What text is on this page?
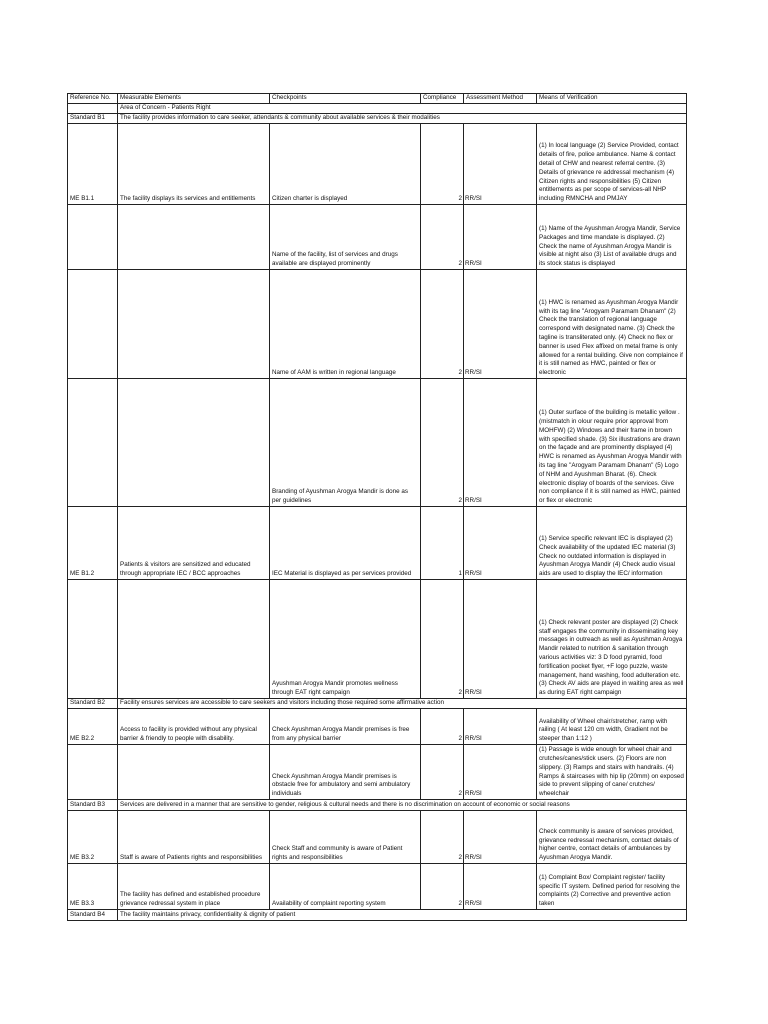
Reference No.	Measurable Elements	Checkpoints	Compliance	Assessment Method	Means of Verification
	Area of Concern - Patients Right				
Standard B1	The facility provides information to care seeker, attendants & community about available services & their modalities				
ME B1.1	The facility displays its services and entitlements	Citizen charter is displayed	2	RR/SI	(1) In local language (2) Service Provided, contact details of fire, police ambulance. Name & contact detail of CHW and nearest referral centre. (3) Details of grievance re addressal mechanism (4) Citizen rights and responsibilities (5) Citizen entitlements as per scope of services-all NHP including RMNCHA and PMJAY
		Name of the facility, list of services and drugs available are displayed prominently	2	RR/SI	(1) Name of the Ayushman Arogya Mandir, Service Packages and time mandate is displayed. (2) Check the name of Ayushman Arogya Mandir is visible at night also (3) List of available drugs and its stock status is displayed
		Name of AAM is written in regional language	2	RR/SI	(1) HWC is renamed as Ayushman Arogya Mandir with its tag line "Arogyam Paramam Dhanam" (2) Check the translation of regional language correspond with designated name. (3) Check the tagline is transliterated only. (4) Check no flex or banner is used Flex affixed on metal frame is only allowed for a rental building. Give non complaince if it is still named as HWC, painted or flex or electronic
		Branding of Ayushman Arogya Mandir is done as per guidelines	2	RR/SI	(1) Outer surface of the building is metallic yellow . (mistmatch in olour require prior approval from MOHFW) (2) Windows and their frame in brown with specified shade. (3) Six illustrations are drawn on the façade and are prominently displayed (4) HWC is renamed as Ayushman Arogya Mandir with its tag line "Arogyam Paramam Dhanam" (5) Logo of NHM and Ayushman Bharat. (6). Check electronic display of boards of the services. Give non compliance if it is still named as HWC, painted or flex or electronic
ME B1.2	Patients & visitors are sensitized and educated through appropriate IEC / BCC approaches	IEC Material is displayed as per services provided	1	RR/SI	(1) Service specific relevant IEC is displayed (2) Check availability of the updated IEC material (3) Check no outdated information is displayed in Ayushman Arogya Mandir (4) Check audio visual aids are used to display the IEC/ information
		Ayushman Arogya Mandir promotes wellness through EAT right campaign	2	RR/SI	(1) Check relevant poster are displayed (2) Check staff engages the community in disseminating key messages in outreach as well as Ayushman Arogya Mandir related to nutrition & sanitation through various activities viz: 3 D food pyramid, food fortification pocket flyer, +F logo puzzle, waste management, hand washing, food adulteration etc. (3) Check AV aids are played in waiting area as well as during EAT right campaign
Standard B2	Facility ensures services are accessible to care seekers and visitors including those required some affirmative action				
ME B2.2	Access to facility is provided without any physical barrier & friendly to people with disability.	Check Ayushman Arogya Mandir premises is free from any physical barrier	2	RR/SI	Availability of Wheel chair/stretcher, ramp with railing ( At least 120 cm width, Gradient not be steeper than 1:12 )
		Check Ayushman Arogya Mandir premises is obstacle free for ambulatory and semi ambulatory individuals	2	RR/SI	(1) Passage is wide enough for wheel chair and crutches/canes/stick users. (2) Floors are non slippery. (3) Ramps and stairs with handrails. (4) Ramps & staircases with hip lip (20mm) on exposed side to prevent slipping of cane/ crutches/ wheelchair
Standard B3	Services are delivered in a manner that are sensitive to gender, religious & cultural needs and there is no discrimination on account of economic or social reasons				
ME B3.2	Staff is aware of Patients rights and responsibilities	Check Staff and community is aware of Patient rights and responsibilities	2	RR/SI	Check community is aware of services provided, grievance redressal mechanism, contact details of higher centre, contact details of ambulances by Ayushman Arogya Mandir.
ME B3.3	The facility has defined and established procedure grievance redressal system in place	Availability of complaint reporting system	2	RR/SI	(1) Complaint Box/ Complaint register/ facility specific IT system. Defined period for resolving the complaints (2) Corrective and preventive action taken
Standard B4	The facility maintains privacy, confidentiality & dignity of patient				
